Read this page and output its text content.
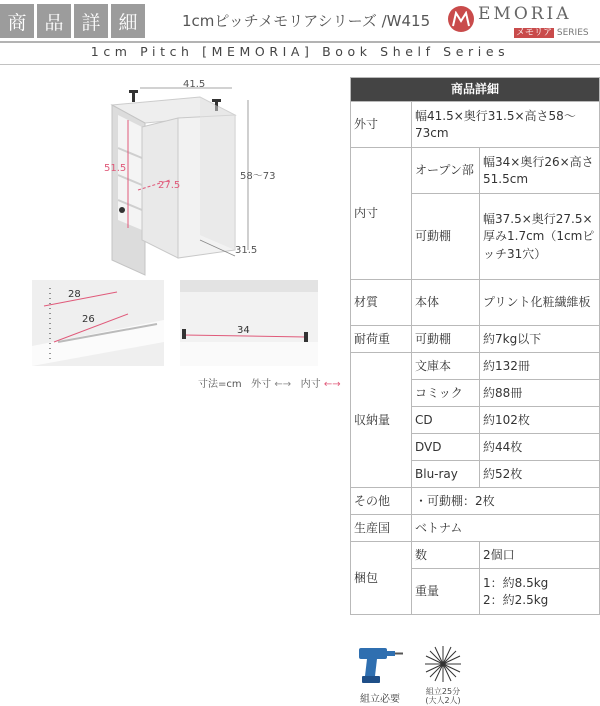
商 品 詳 細	1cmピッチメモリアシリーズ /W415	EMORIA
メモリア SERIES
1cm Pitch [MEMORIA] Book Shelf Series
41.5
58～73
31.5
51.5
27.5
28
26
34
寸法=cm 外寸 ←→ 内寸 ←→
商品詳細		
外寸	幅41.5×奥行31.5×高さ58～73cm	
内寸	オープン部	幅34×奥行26×高さ51.5cm
	可動棚	幅37.5×奥行27.5×厚み1.7cm（1cmピッチ31穴）
材質	本体	プリント化粧繊維板
耐荷重	可動棚	約7kg以下
収納量	文庫本	約132冊
	コミック	約88冊
	CD	約102枚
	DVD	約44枚
	Blu-ray	約52枚
その他	・可動棚：2枚	
生産国	ベトナム	
梱包	数	2個口
	重量	1：約8.5kg
2：約2.5kg
組立必要
組立25分
(大人2人)
